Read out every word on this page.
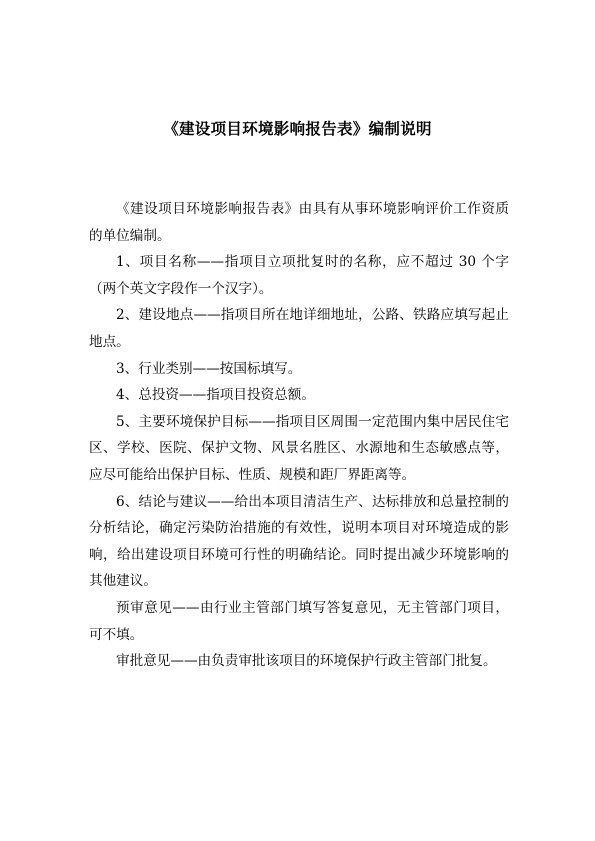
《建设项目环境影响报告表》编制说明

《建设项目环境影响报告表》由具有从事环境影响评价工作资质的单位编制。

1、项目名称——指项目立项批复时的名称，应不超过 30 个字（两个英文字段作一个汉字）。

2、建设地点——指项目所在地详细地址，公路、铁路应填写起止地点。

3、行业类别——按国标填写。

4、总投资——指项目投资总额。

5、主要环境保护目标——指项目区周围一定范围内集中居民住宅区、学校、医院、保护文物、风景名胜区、水源地和生态敏感点等，应尽可能给出保护目标、性质、规模和距厂界距离等。

6、结论与建议——给出本项目清洁生产、达标排放和总量控制的分析结论，确定污染防治措施的有效性，说明本项目对环境造成的影响，给出建设项目环境可行性的明确结论。同时提出减少环境影响的其他建议。

预审意见——由行业主管部门填写答复意见，无主管部门项目，可不填。

审批意见——由负责审批该项目的环境保护行政主管部门批复。
